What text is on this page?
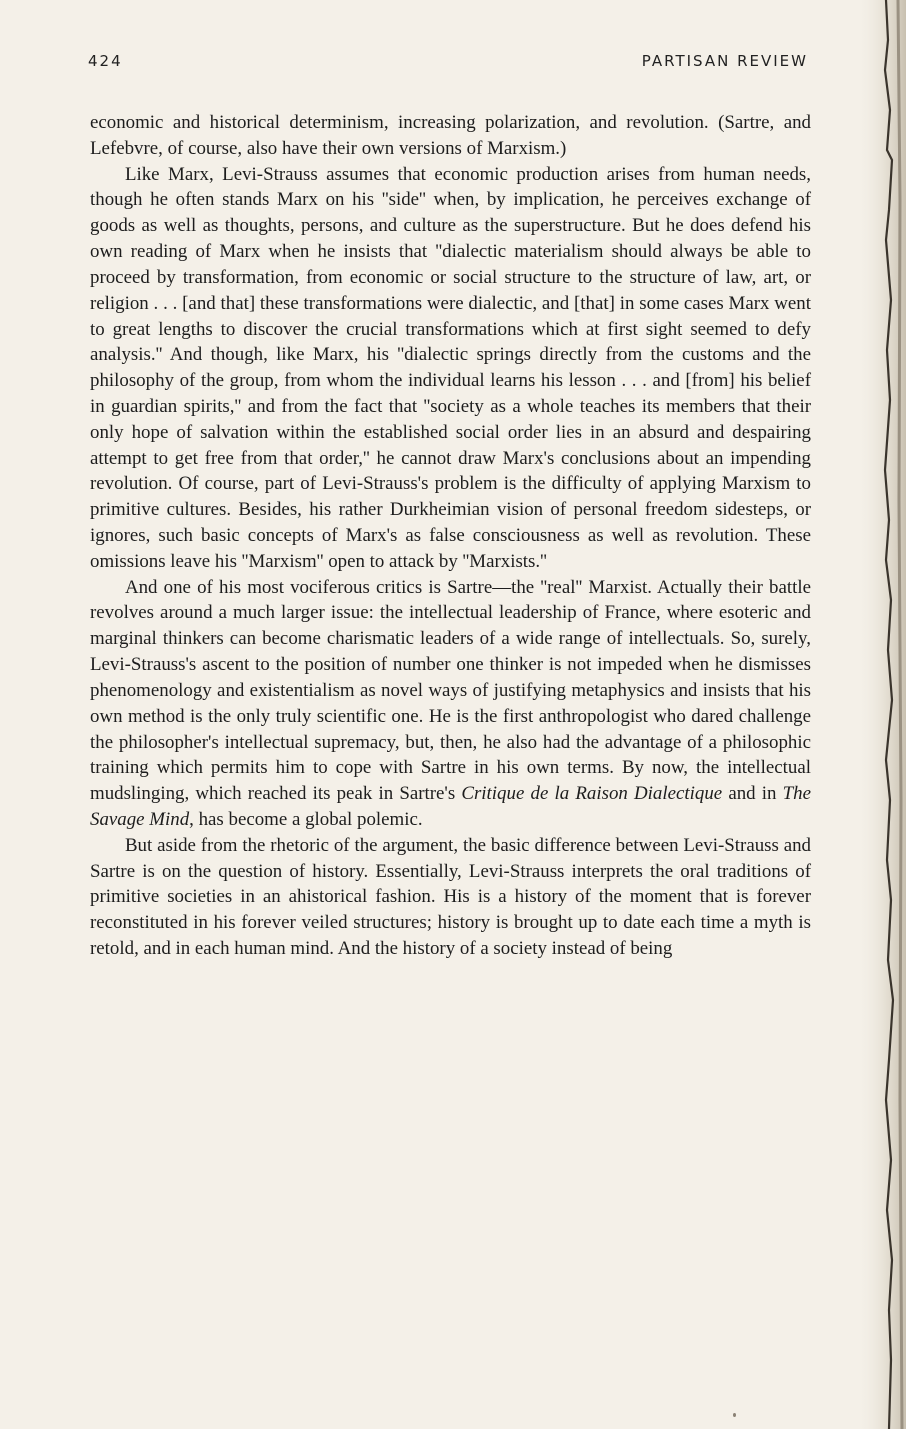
424	PARTISAN REVIEW

economic and historical determinism, increasing polarization, and revolution. (Sartre, and Lefebvre, of course, also have their own versions of Marxism.)

Like Marx, Levi-Strauss assumes that economic production arises from human needs, though he often stands Marx on his ''side'' when, by implication, he perceives exchange of goods as well as thoughts, persons, and culture as the superstructure. But he does defend his own reading of Marx when he insists that ''dialectic materialism should always be able to proceed by transformation, from economic or social structure to the structure of law, art, or religion . . . [and that] these transformations were dialectic, and [that] in some cases Marx went to great lengths to discover the crucial transformations which at first sight seemed to defy analysis.'' And though, like Marx, his ''dialectic springs directly from the customs and the philosophy of the group, from whom the individual learns his lesson . . . and [from] his belief in guardian spirits,'' and from the fact that ''society as a whole teaches its members that their only hope of salvation within the established social order lies in an absurd and despairing attempt to get free from that order,'' he cannot draw Marx's conclusions about an impending revolution. Of course, part of Levi-Strauss's problem is the difficulty of applying Marxism to primitive cultures. Besides, his rather Durkheimian vision of personal freedom sidesteps, or ignores, such basic concepts of Marx's as false consciousness as well as revolution. These omissions leave his ''Marxism'' open to attack by ''Marxists.''

And one of his most vociferous critics is Sartre—the ''real'' Marxist. Actually their battle revolves around a much larger issue: the intellectual leadership of France, where esoteric and marginal thinkers can become charismatic leaders of a wide range of intellectuals. So, surely, Levi-Strauss's ascent to the position of number one thinker is not impeded when he dismisses phenomenology and existentialism as novel ways of justifying metaphysics and insists that his own method is the only truly scientific one. He is the first anthropologist who dared challenge the philosopher's intellectual supremacy, but, then, he also had the advantage of a philosophic training which permits him to cope with Sartre in his own terms. By now, the intellectual mudslinging, which reached its peak in Sartre's Critique de la Raison Dialectique and in The Savage Mind, has become a global polemic.

But aside from the rhetoric of the argument, the basic difference between Levi-Strauss and Sartre is on the question of history. Essentially, Levi-Strauss interprets the oral traditions of primitive societies in an ahistorical fashion. His is a history of the moment that is forever reconstituted in his forever veiled structures; history is brought up to date each time a myth is retold, and in each human mind. And the history of a society instead of being
